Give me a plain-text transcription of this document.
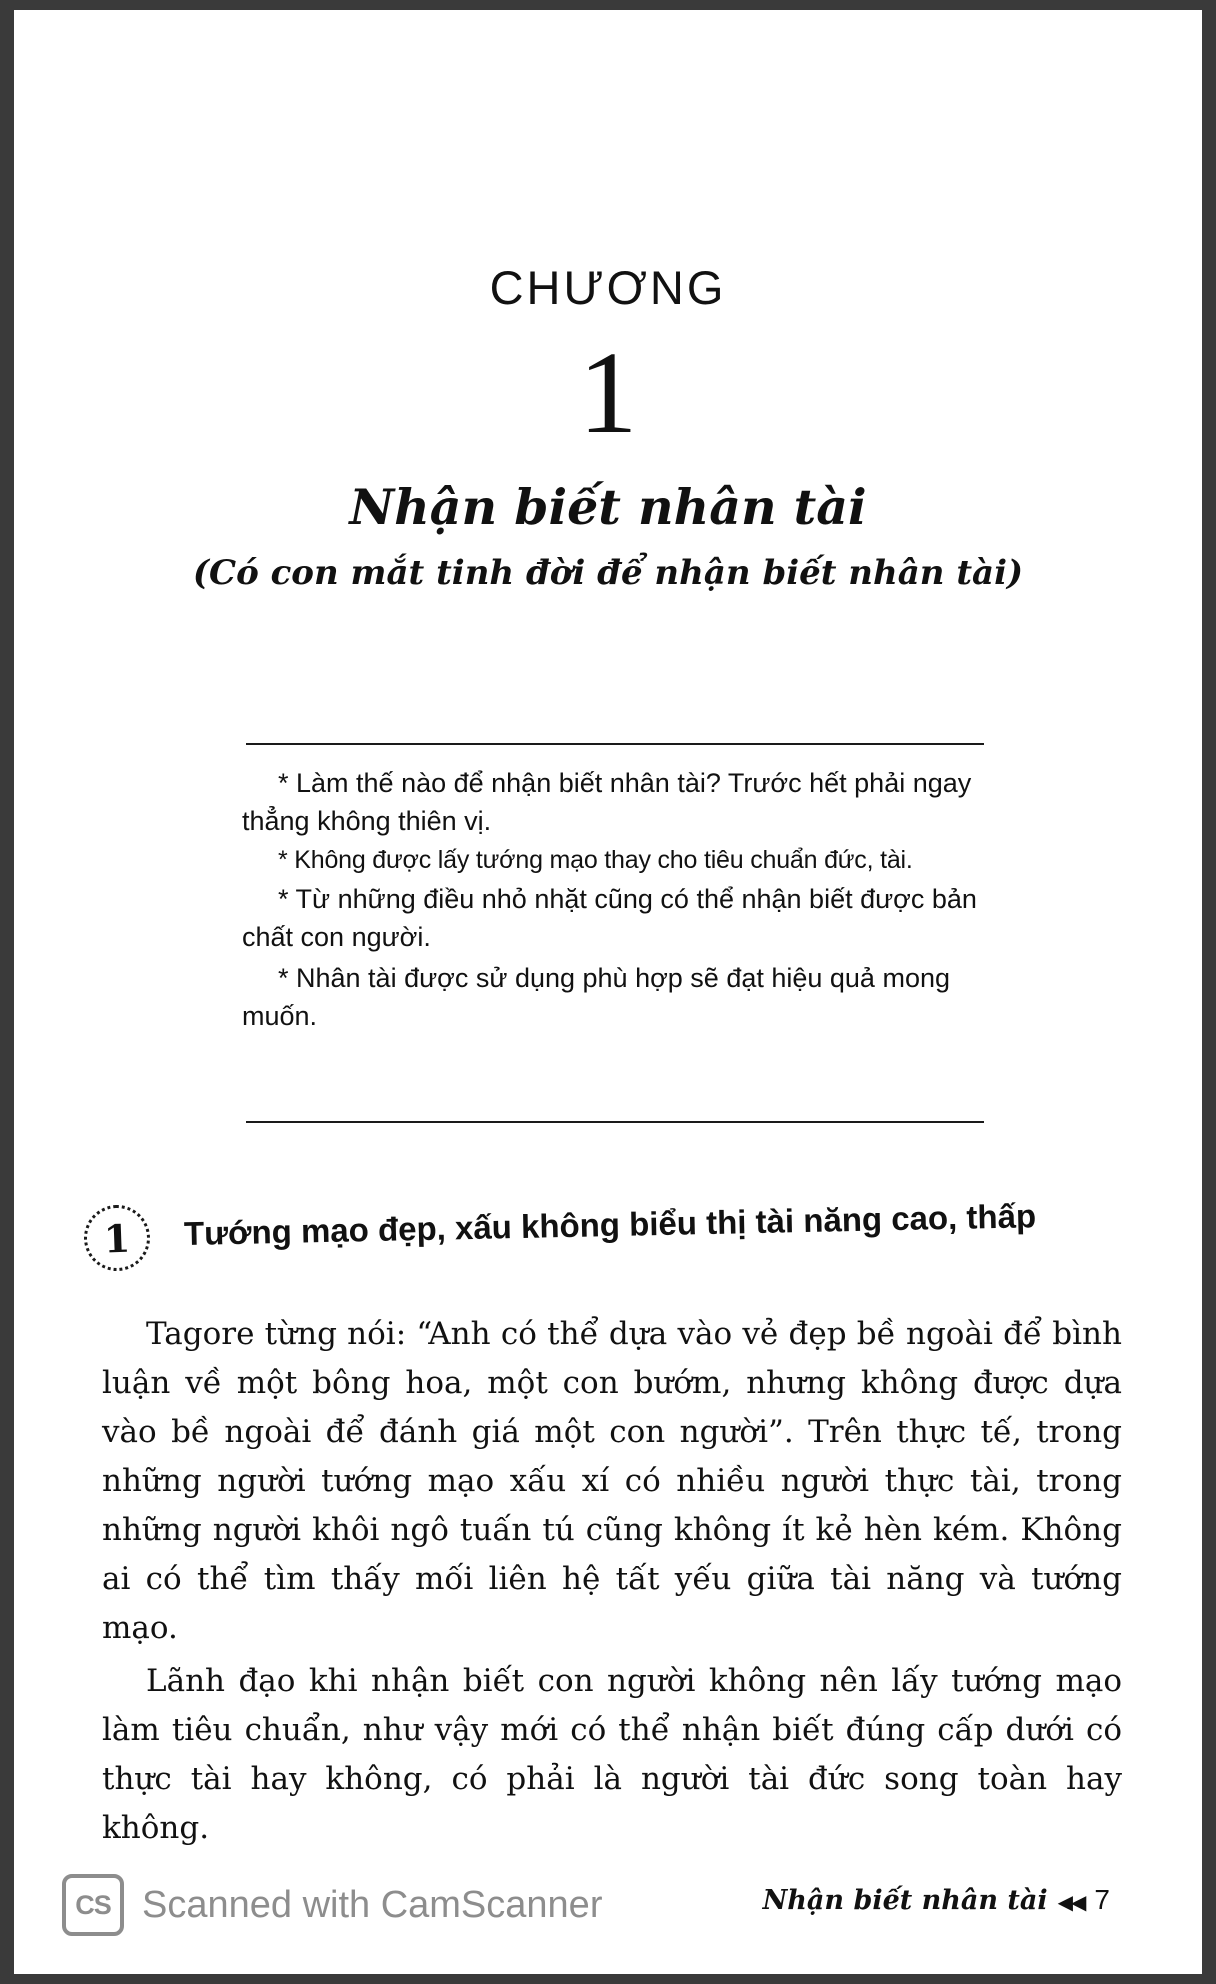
CHƯƠNG
1
Nhận biết nhân tài
(Có con mắt tinh đời để nhận biết nhân tài)

* Làm thế nào để nhận biết nhân tài? Trước hết phải ngay thẳng không thiên vị.

* Không được lấy tướng mạo thay cho tiêu chuẩn đức, tài.

* Từ những điều nhỏ nhặt cũng có thể nhận biết được bản chất con người.

* Nhân tài được sử dụng phù hợp sẽ đạt hiệu quả mong muốn.

1	Tướng mạo đẹp, xấu không biểu thị tài năng cao, thấp

Tagore từng nói: “Anh có thể dựa vào vẻ đẹp bề ngoài để bình luận về một bông hoa, một con bướm, nhưng không được dựa vào bề ngoài để đánh giá một con người”. Trên thực tế, trong những người tướng mạo xấu xí có nhiều người thực tài, trong những người khôi ngô tuấn tú cũng không ít kẻ hèn kém. Không ai có thể tìm thấy mối liên hệ tất yếu giữa tài năng và tướng mạo.

Lãnh đạo khi nhận biết con người không nên lấy tướng mạo làm tiêu chuẩn, như vậy mới có thể nhận biết đúng cấp dưới có thực tài hay không, có phải là người tài đức song toàn hay không.

Nhận biết nhân tài ◀◀ 7
CS Scanned with CamScanner
